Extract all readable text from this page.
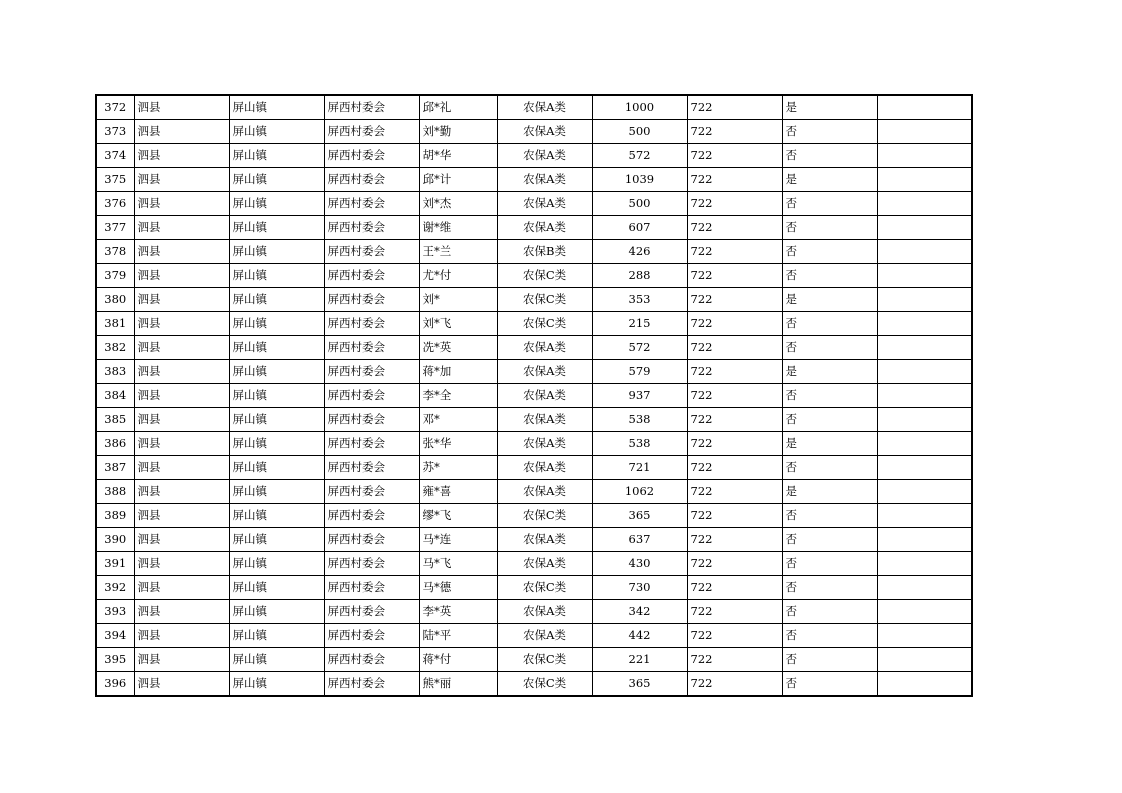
372	泗县	屏山镇	屏西村委会	邱*礼	农保A类	1000	722	是	
373	泗县	屏山镇	屏西村委会	刘*勤	农保A类	500	722	否	
374	泗县	屏山镇	屏西村委会	胡*华	农保A类	572	722	否	
375	泗县	屏山镇	屏西村委会	邱*计	农保A类	1039	722	是	
376	泗县	屏山镇	屏西村委会	刘*杰	农保A类	500	722	否	
377	泗县	屏山镇	屏西村委会	谢*维	农保A类	607	722	否	
378	泗县	屏山镇	屏西村委会	王*兰	农保B类	426	722	否	
379	泗县	屏山镇	屏西村委会	尤*付	农保C类	288	722	否	
380	泗县	屏山镇	屏西村委会	刘*	农保C类	353	722	是	
381	泗县	屏山镇	屏西村委会	刘*飞	农保C类	215	722	否	
382	泗县	屏山镇	屏西村委会	冼*英	农保A类	572	722	否	
383	泗县	屏山镇	屏西村委会	蒋*加	农保A类	579	722	是	
384	泗县	屏山镇	屏西村委会	李*全	农保A类	937	722	否	
385	泗县	屏山镇	屏西村委会	邓*	农保A类	538	722	否	
386	泗县	屏山镇	屏西村委会	张*华	农保A类	538	722	是	
387	泗县	屏山镇	屏西村委会	苏*	农保A类	721	722	否	
388	泗县	屏山镇	屏西村委会	雍*喜	农保A类	1062	722	是	
389	泗县	屏山镇	屏西村委会	缪*飞	农保C类	365	722	否	
390	泗县	屏山镇	屏西村委会	马*连	农保A类	637	722	否	
391	泗县	屏山镇	屏西村委会	马*飞	农保A类	430	722	否	
392	泗县	屏山镇	屏西村委会	马*德	农保C类	730	722	否	
393	泗县	屏山镇	屏西村委会	李*英	农保A类	342	722	否	
394	泗县	屏山镇	屏西村委会	陆*平	农保A类	442	722	否	
395	泗县	屏山镇	屏西村委会	蒋*付	农保C类	221	722	否	
396	泗县	屏山镇	屏西村委会	熊*丽	农保C类	365	722	否	
